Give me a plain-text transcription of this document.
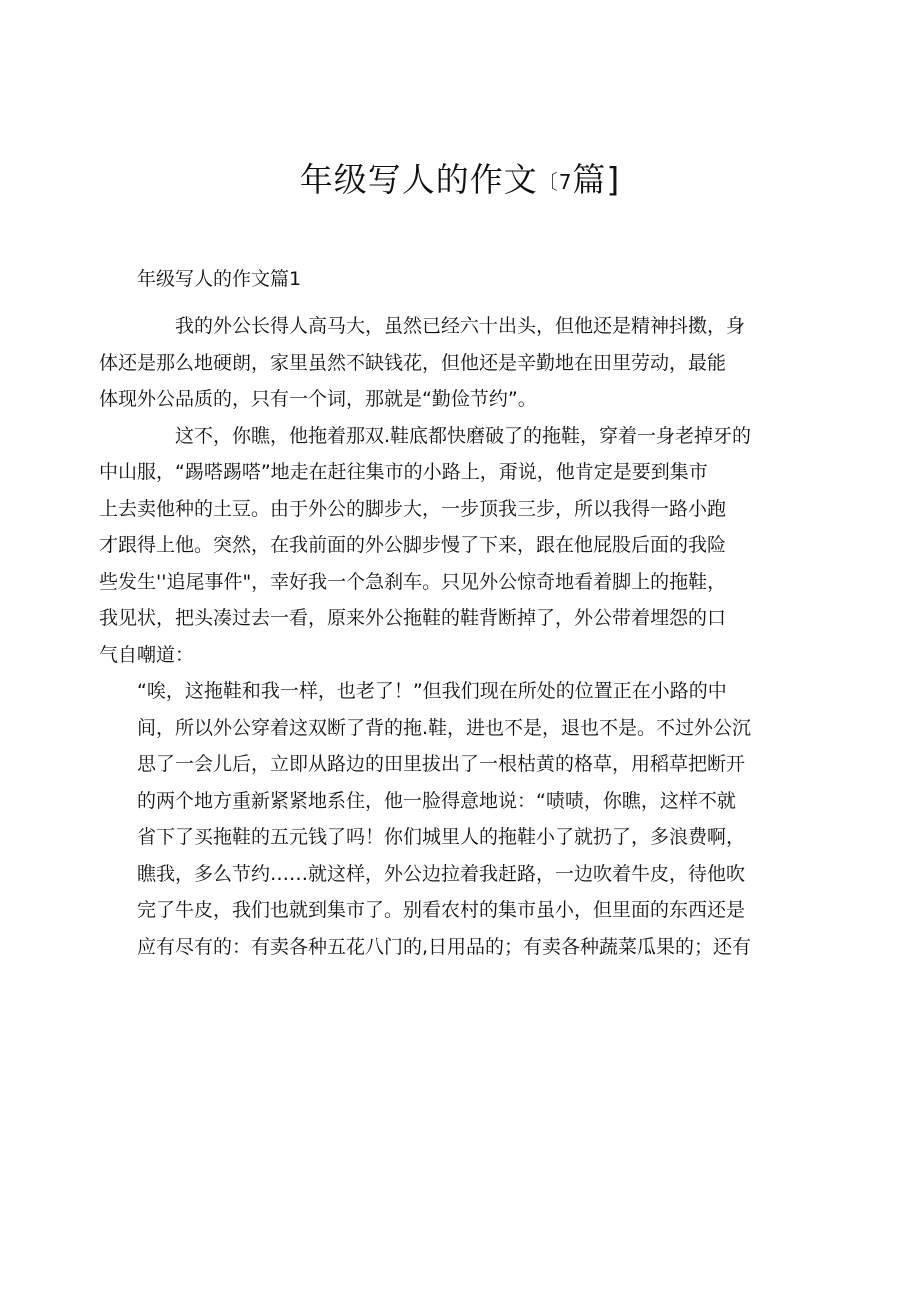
年级写人的作文〔7篇]
年级写人的作文篇1
我的外公长得人高马大，虽然已经六十出头，但他还是精神抖擞，身
体还是那么地硬朗，家里虽然不缺钱花，但他还是辛勤地在田里劳动，最能
体现外公品质的，只有一个词，那就是“勤俭节约”。
这不，你瞧，他拖着那双.鞋底都快磨破了的拖鞋，穿着一身老掉牙的
中山服，“踢嗒踢嗒”地走在赶往集市的小路上，甭说，他肯定是要到集市
上去卖他种的土豆。由于外公的脚步大，一步顶我三步，所以我得一路小跑
才跟得上他。突然，在我前面的外公脚步慢了下来，跟在他屁股后面的我险
些发生''追尾事件"，幸好我一个急刹车。只见外公惊奇地看着脚上的拖鞋，
我见状，把头凑过去一看，原来外公拖鞋的鞋背断掉了，外公带着埋怨的口
气自嘲道：
“唉，这拖鞋和我一样，也老了！”但我们现在所处的位置正在小路的中
间，所以外公穿着这双断了背的拖.鞋，进也不是，退也不是。不过外公沉
思了一会儿后，立即从路边的田里拔出了一根枯黄的格草，用稻草把断开
的两个地方重新紧紧地系住，他一脸得意地说：“啧啧，你瞧，这样不就
省下了买拖鞋的五元钱了吗！你们城里人的拖鞋小了就扔了，多浪费啊，
瞧我，多么节约……就这样，外公边拉着我赶路，一边吹着牛皮，待他吹
完了牛皮，我们也就到集市了。别看农村的集市虽小，但里面的东西还是
应有尽有的：有卖各种五花八门的,日用品的；有卖各种蔬菜瓜果的；还有
